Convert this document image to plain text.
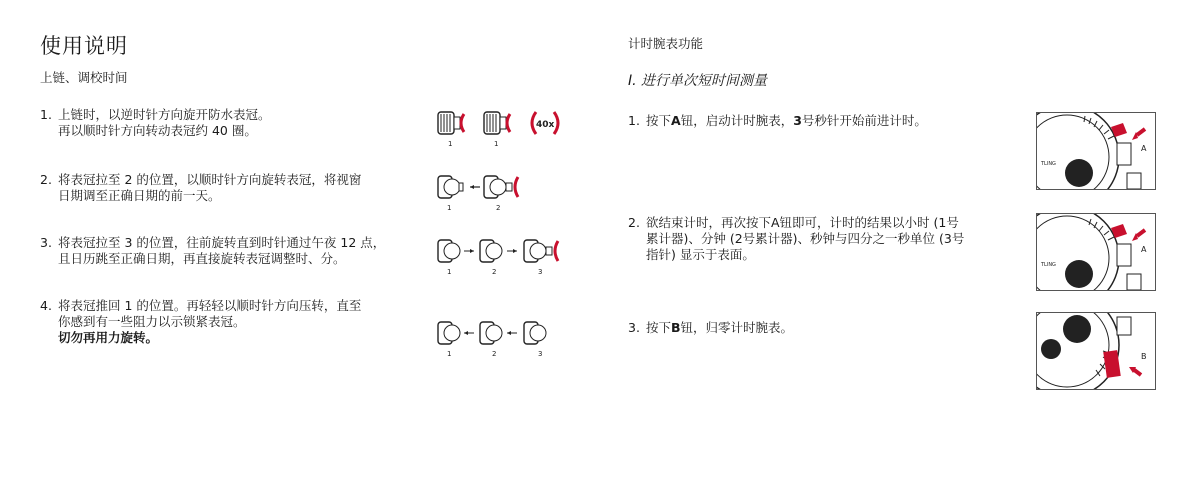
使用说明
上链、调校时间
1. 上链时，以逆时针方向旋开防水表冠。
再以顺时针方向转动表冠约 40 圈。
1	1
40x
2. 将表冠拉至 2 的位置，以顺时针方向旋转表冠，将视窗
日期调至正确日期的前一天。
1	2
3. 将表冠拉至 3 的位置，往前旋转直到时针通过午夜 12 点，
且日历跳至正确日期，再直接旋转表冠调整时、分。
1	2	3
4. 将表冠推回 1 的位置。再轻轻以顺时针方向压转，直至
你感到有一些阻力以示锁紧表冠。
切勿再用力旋转。
1	2	3
计时腕表功能
I. 进行单次短时间测量
1. 按下A钮，启动计时腕表，3号秒针开始前进计时。
TLING
A
2. 欲结束计时，再次按下A钮即可，计时的结果以小时 (1号
累计器)、分钟 (2号累计器)、秒钟与四分之一秒单位 (3号
指针) 显示于表面。
TLING
A
3. 按下B钮，归零计时腕表。
B
